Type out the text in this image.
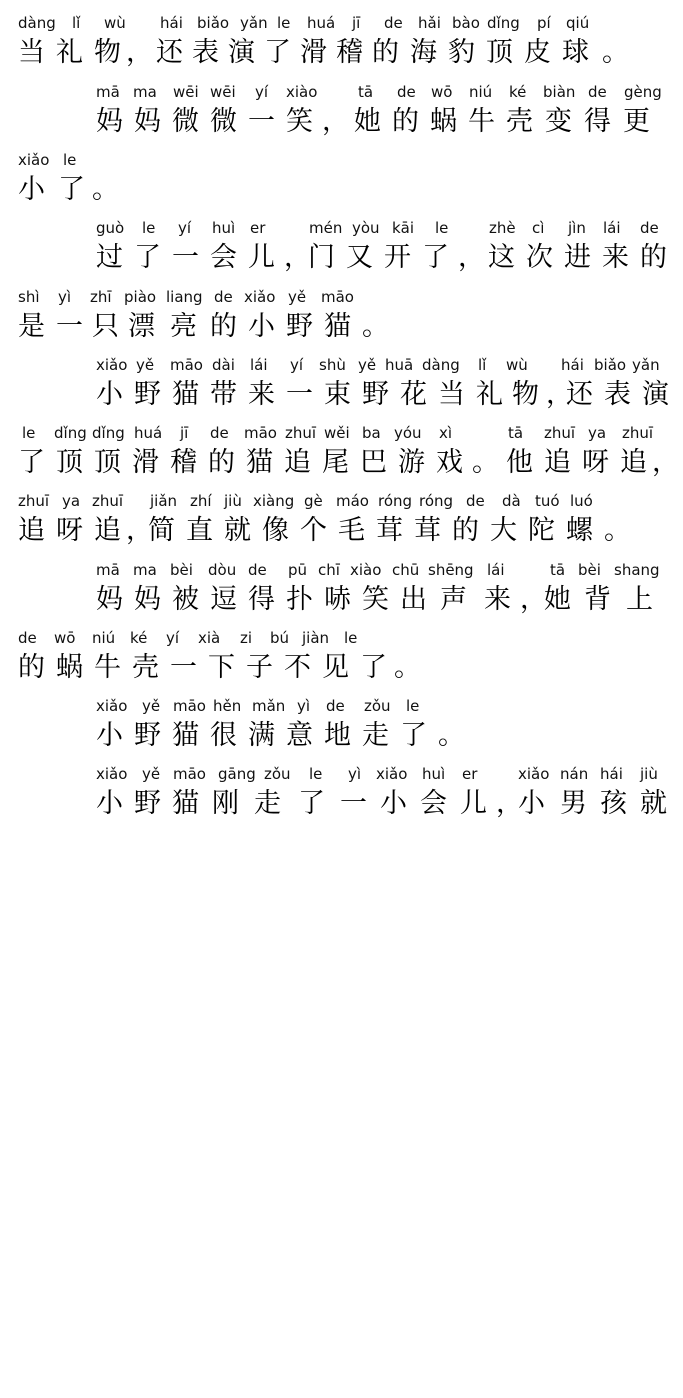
dàng

lǐ

wù

hái

biǎo

yǎn

le

huá

jī

de

hǎi

bào

dǐng

pí

qiú

当

礼

物

，

还

表

演

了

滑

稽

的

海

豹

顶

皮

球

。

mā

ma

wēi

wēi

yí

xiào

	tā

de

wō

niú

ké

biàn

de

gèng

妈

妈

微

微

一

笑

，

她

的

蜗

牛

壳

变

得

更

xiǎo

le

小

了

。

guò

le

yí

huì

er

	mén

yòu

kāi

le

	zhè

cì

jìn

lái

de

过

了

一

会

儿

，

门

又

开

了

，

这

次

进

来

的

shì

yì

zhī

piào

liang

de

xiǎo

yě

māo

是

一

只

漂

亮

的

小

野

猫

。

xiǎo

yě

māo

dài

lái

yí

shù

yě

huā

dàng

lǐ

wù

hái

biǎo

yǎn

小

野

猫

带

来

一

束

野

花

当

礼

物

，

还

表

演

le

dǐng

dǐng

huá

jī

de

māo

zhuī

wěi

ba

yóu

xì

	tā

zhuī

ya

zhuī

了

顶

顶

滑

稽

的

猫

追

尾

巴

游

戏

。

他

追

呀

追

，

zhuī

ya

zhuī

jiǎn

zhí

jiù

xiàng

gè

máo

róng

róng

de

dà

tuó

luó

追

呀

追

，

简

直

就

像

个

毛

茸

茸

的

大

陀

螺

。

mā

ma

bèi

dòu

de

pū

chī

xiào

chū

shēng

lái

	tā

bèi

shang

妈

妈

被

逗

得

扑

哧

笑

出

声

来

，

她

背

上

de

wō

niú

ké

yí

xià

zi

bú

jiàn

le

的

蜗

牛

壳

一

下

子

不

见

了

。

xiǎo

yě

māo

hěn

mǎn

yì

de

zǒu

le

小

野

猫

很

满

意

地

走

了

。

xiǎo

yě

māo

gāng

zǒu

le

yì

xiǎo

huì

er

	xiǎo

nán

hái

jiù

小

野

猫

刚

走

了

一

小

会

儿

，

小

男

孩

就
